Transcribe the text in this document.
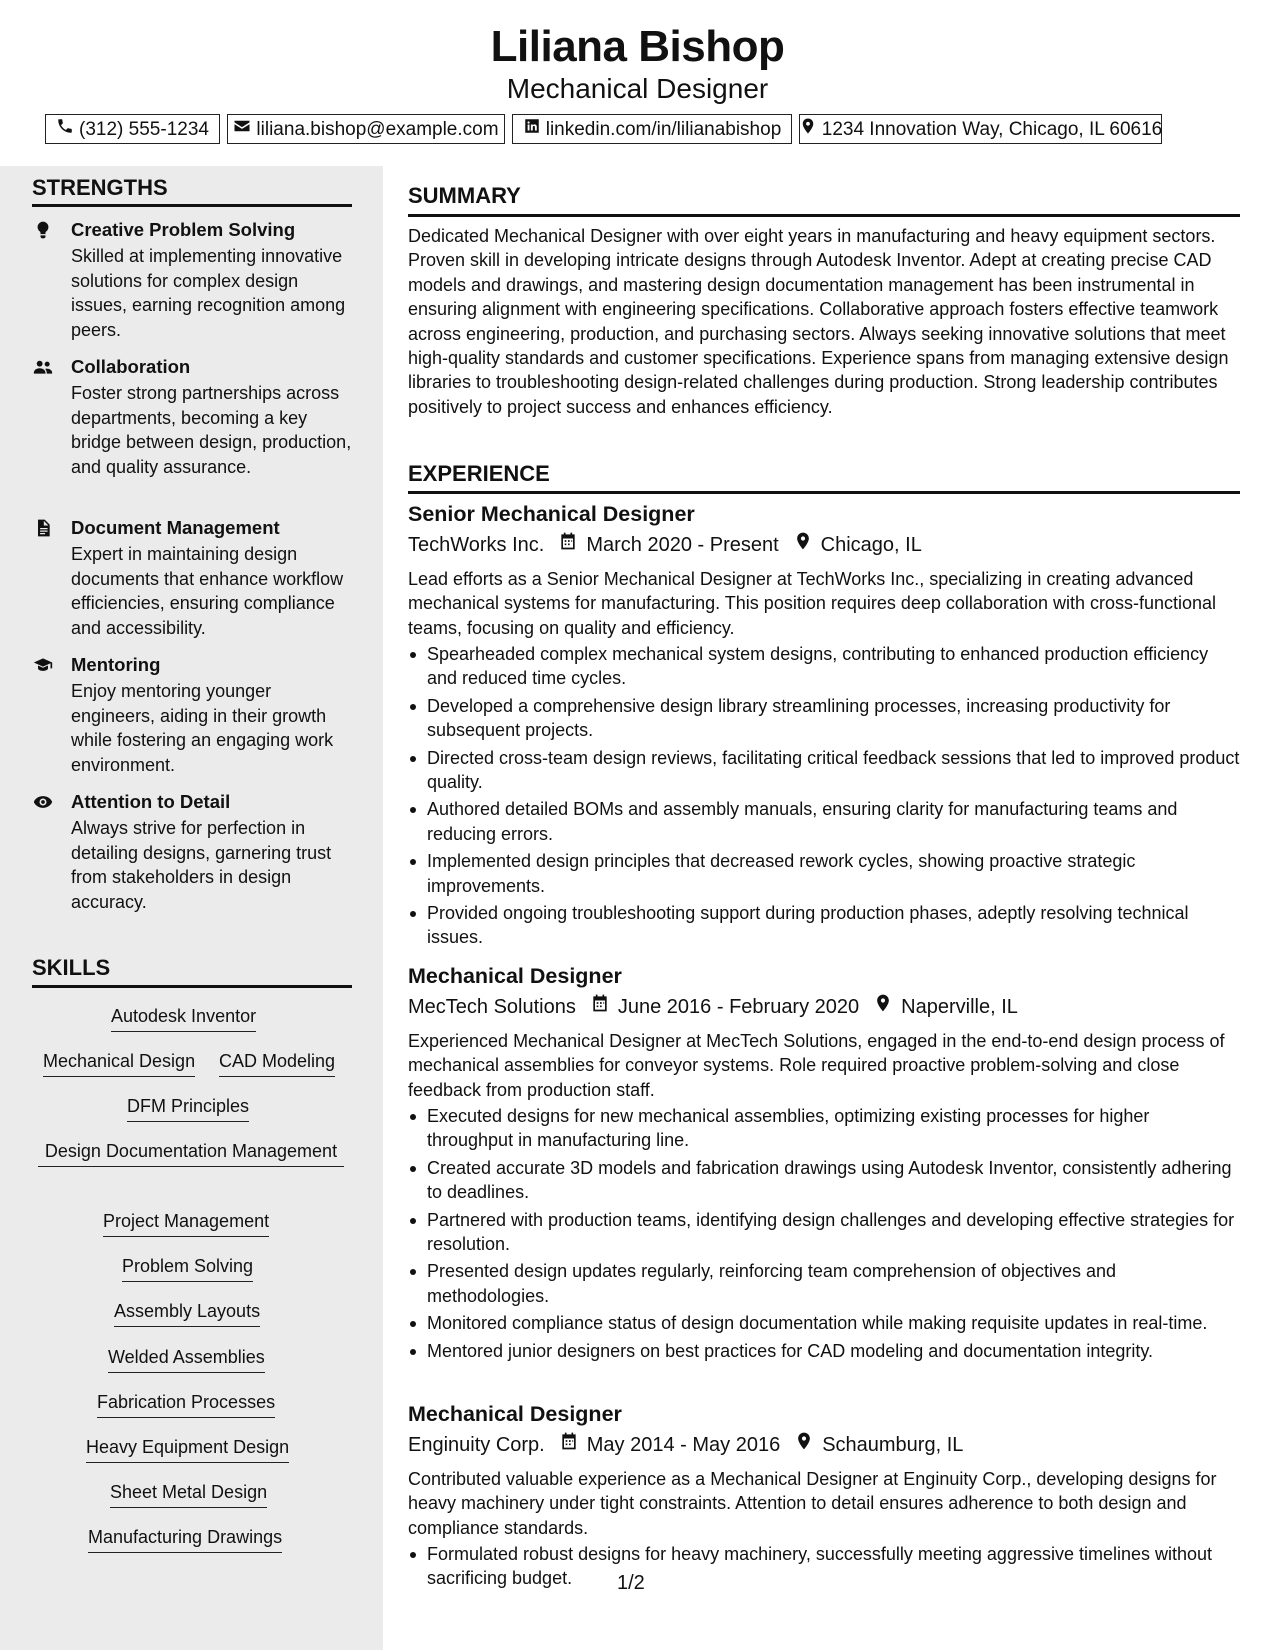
Liliana Bishop
Mechanical Designer
(312) 555-1234 liliana.bishop@example.com linkedin.com/in/lilianabishop 1234 Innovation Way, Chicago, IL 60616
STRENGTHS
Creative Problem Solving
Skilled at implementing innovative solutions for complex design issues, earning recognition among peers.
Collaboration
Foster strong partnerships across departments, becoming a key bridge between design, production, and quality assurance.
Document Management
Expert in maintaining design documents that enhance workflow efficiencies, ensuring compliance and accessibility.
Mentoring
Enjoy mentoring younger engineers, aiding in their growth while fostering an engaging work environment.
Attention to Detail
Always strive for perfection in detailing designs, garnering trust from stakeholders in design accuracy.
SKILLS
Autodesk Inventor
Mechanical Design CAD Modeling
DFM Principles
Design Documentation Management
Project Management
Problem Solving
Assembly Layouts
Welded Assemblies
Fabrication Processes
Heavy Equipment Design
Sheet Metal Design
Manufacturing Drawings
SUMMARY
Dedicated Mechanical Designer with over eight years in manufacturing and heavy equipment sectors. Proven skill in developing intricate designs through Autodesk Inventor. Adept at creating precise CAD models and drawings, and mastering design documentation management has been instrumental in ensuring alignment with engineering specifications. Collaborative approach fosters effective teamwork across engineering, production, and purchasing sectors. Always seeking innovative solutions that meet high-quality standards and customer specifications. Experience spans from managing extensive design libraries to troubleshooting design-related challenges during production. Strong leadership contributes positively to project success and enhances efficiency.
EXPERIENCE
Senior Mechanical Designer
TechWorks Inc. March 2020 - Present Chicago, IL
Lead efforts as a Senior Mechanical Designer at TechWorks Inc., specializing in creating advanced mechanical systems for manufacturing. This position requires deep collaboration with cross-functional teams, focusing on quality and efficiency.
Spearheaded complex mechanical system designs, contributing to enhanced production efficiency and reduced time cycles.
Developed a comprehensive design library streamlining processes, increasing productivity for subsequent projects.
Directed cross-team design reviews, facilitating critical feedback sessions that led to improved product quality.
Authored detailed BOMs and assembly manuals, ensuring clarity for manufacturing teams and reducing errors.
Implemented design principles that decreased rework cycles, showing proactive strategic improvements.
Provided ongoing troubleshooting support during production phases, adeptly resolving technical issues.
Mechanical Designer
MecTech Solutions June 2016 - February 2020 Naperville, IL
Experienced Mechanical Designer at MecTech Solutions, engaged in the end-to-end design process of mechanical assemblies for conveyor systems. Role required proactive problem-solving and close feedback from production staff.
Executed designs for new mechanical assemblies, optimizing existing processes for higher throughput in manufacturing line.
Created accurate 3D models and fabrication drawings using Autodesk Inventor, consistently adhering to deadlines.
Partnered with production teams, identifying design challenges and developing effective strategies for resolution.
Presented design updates regularly, reinforcing team comprehension of objectives and methodologies.
Monitored compliance status of design documentation while making requisite updates in real-time.
Mentored junior designers on best practices for CAD modeling and documentation integrity.
Mechanical Designer
Enginuity Corp. May 2014 - May 2016 Schaumburg, IL
Contributed valuable experience as a Mechanical Designer at Enginuity Corp., developing designs for heavy machinery under tight constraints. Attention to detail ensures adherence to both design and compliance standards.
Formulated robust designs for heavy machinery, successfully meeting aggressive timelines without sacrificing budget.	1/2
